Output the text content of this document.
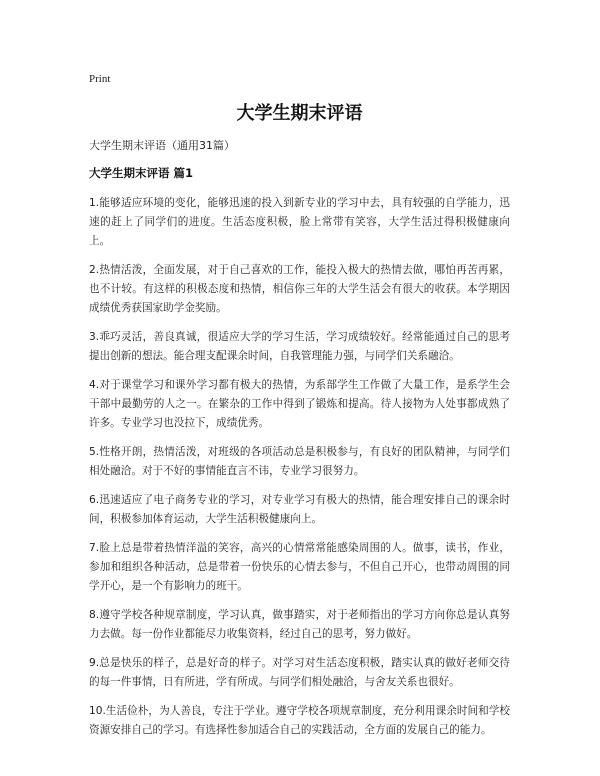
Print
大学生期末评语
大学生期末评语（通用31篇）
大学生期末评语 篇1

1.能够适应环境的变化，能够迅速的投入到新专业的学习中去，具有较强的自学能力，迅速的赶上了同学们的进度。生活态度积极，脸上常带有笑容，大学生活过得积极健康向上。

2.热情活泼，全面发展，对于自己喜欢的工作，能投入极大的热情去做，哪怕再苦再累，也不计较。有这样的积极态度和热情，相信你三年的大学生活会有很大的收获。本学期因成绩优秀获国家助学金奖励。

3.乖巧灵活，善良真诚，很适应大学的学习生活，学习成绩较好。经常能通过自己的思考提出创新的想法。能合理支配课余时间，自我管理能力强，与同学们关系融洽。

4.对于课堂学习和课外学习都有极大的热情，为系部学生工作做了大量工作，是系学生会干部中最勤劳的人之一。在繁杂的工作中得到了锻炼和提高。待人接物为人处事都成熟了许多。专业学习也没拉下，成绩优秀。

5.性格开朗，热情活泼，对班级的各项活动总是积极参与，有良好的团队精神，与同学们相处融洽。对于不好的事情能直言不讳，专业学习很努力。

6.迅速适应了电子商务专业的学习，对专业学习有极大的热情，能合理安排自己的课余时间，积极参加体育运动，大学生活积极健康向上。

7.脸上总是带着热情洋溢的笑容，高兴的心情常常能感染周围的人。做事，读书，作业，参加和组织各种活动，总是带着一份快乐的心情去参与，不但自己开心，也带动周围的同学开心，是一个有影响力的班干。

8.遵守学校各种规章制度，学习认真，做事踏实，对于老师指出的学习方向你总是认真努力去做。每一份作业都能尽力收集资料，经过自己的思考，努力做好。

9.总是快乐的样子，总是好奇的样子。对学习对生活态度积极，踏实认真的做好老师交待的每一件事情，日有所进，学有所成。与同学们相处融洽，与舍友关系也很好。

10.生活俭朴，为人善良，专注于学业。遵守学校各项规章制度，充分利用课余时间和学校资源安排自己的学习。有选择性参加适合自己的实践活动，全方面的发展自己的能力。
